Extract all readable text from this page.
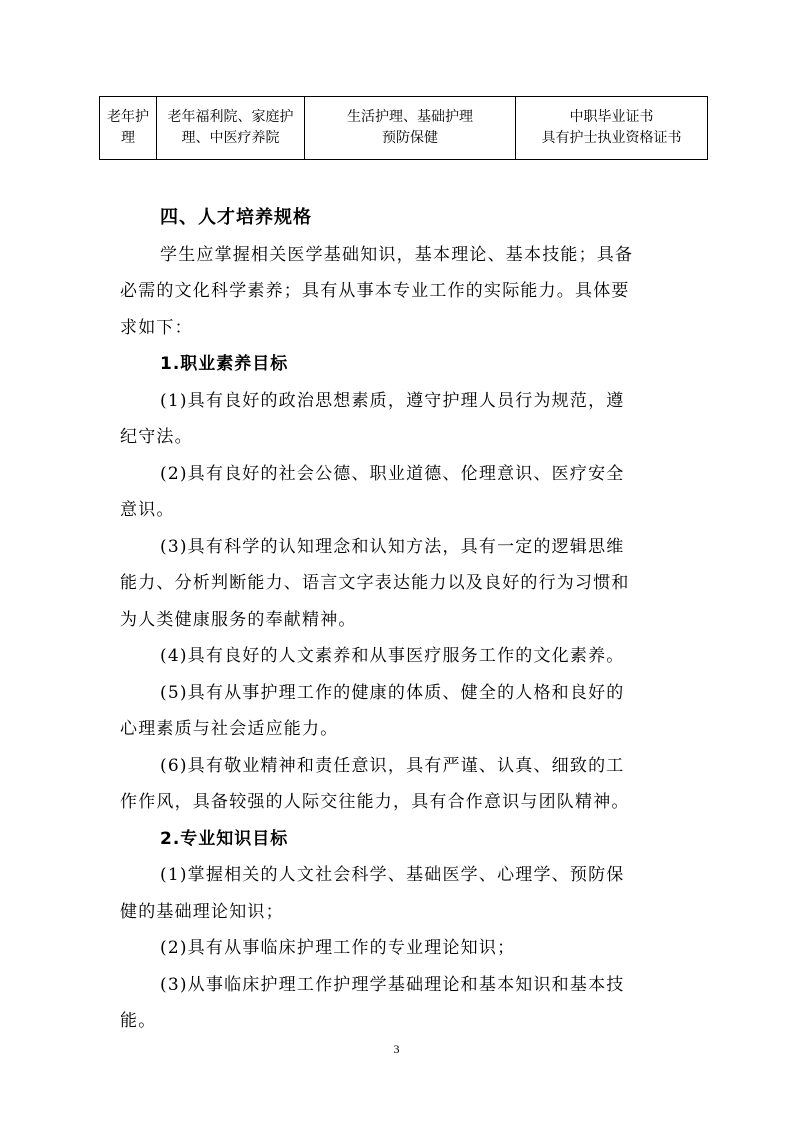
老年护
理

老年福利院、家庭护
理、中医疗养院

生活护理、基础护理
预防保健

中职毕业证书
具有护士执业资格证书
四、人才培养规格
学生应掌握相关医学基础知识，基本理论、基本技能；具备
必需的文化科学素养；具有从事本专业工作的实际能力。具体要
求如下：
1.职业素养目标
(1)具有良好的政治思想素质，遵守护理人员行为规范，遵
纪守法。
(2)具有良好的社会公德、职业道德、伦理意识、医疗安全
意识。
(3)具有科学的认知理念和认知方法，具有一定的逻辑思维
能力、分析判断能力、语言文字表达能力以及良好的行为习惯和
为人类健康服务的奉献精神。
(4)具有良好的人文素养和从事医疗服务工作的文化素养。
(5)具有从事护理工作的健康的体质、健全的人格和良好的
心理素质与社会适应能力。
(6)具有敬业精神和责任意识，具有严谨、认真、细致的工
作作风，具备较强的人际交往能力，具有合作意识与团队精神。
2.专业知识目标
(1)掌握相关的人文社会科学、基础医学、心理学、预防保
健的基础理论知识；
(2)具有从事临床护理工作的专业理论知识；
(3)从事临床护理工作护理学基础理论和基本知识和基本技
能。
3
